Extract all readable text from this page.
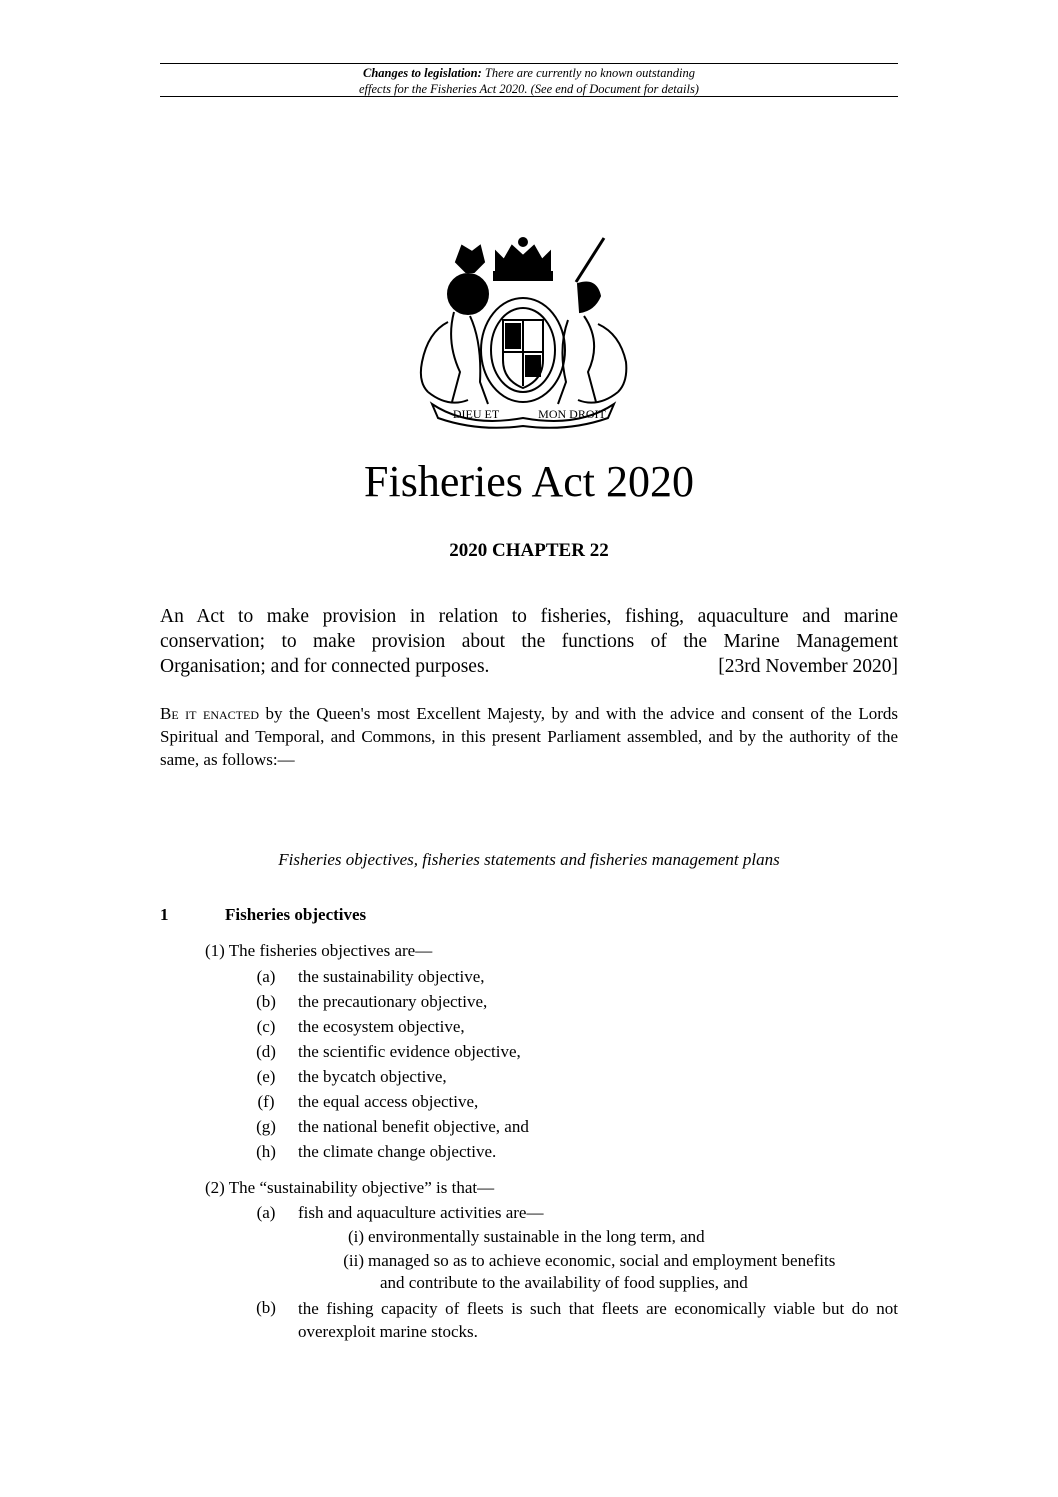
Changes to legislation: There are currently no known outstanding
effects for the Fisheries Act 2020. (See end of Document for details)
DIEU ET	MON DROIT
Fisheries Act 2020
2020 CHAPTER 22
An Act to make provision in relation to fisheries, fishing, aquaculture and marine
conservation; to make provision about the functions of the Marine Management
Organisation; and for connected purposes.	[23rd November 2020]
Be it enacted by the Queen's most Excellent Majesty, by and with the advice and consent of the Lords Spiritual and Temporal, and Commons, in this present Parliament assembled, and by the authority of the same, as follows:—
Fisheries objectives, fisheries statements and fisheries management plans
1	Fisheries objectives
(1) The fisheries objectives are—
(a)	the sustainability objective,
(b)	the precautionary objective,
(c)	the ecosystem objective,
(d)	the scientific evidence objective,
(e)	the bycatch objective,
(f)	the equal access objective,
(g)	the national benefit objective, and
(h)	the climate change objective.
(2) The “sustainability objective” is that—
(a)	fish and aquaculture activities are—
(i) environmentally sustainable in the long term, and
(ii) managed so as to achieve economic, social and employment benefits
and contribute to the availability of food supplies, and
(b)	the fishing capacity of fleets is such that fleets are economically viable but do not overexploit marine stocks.
